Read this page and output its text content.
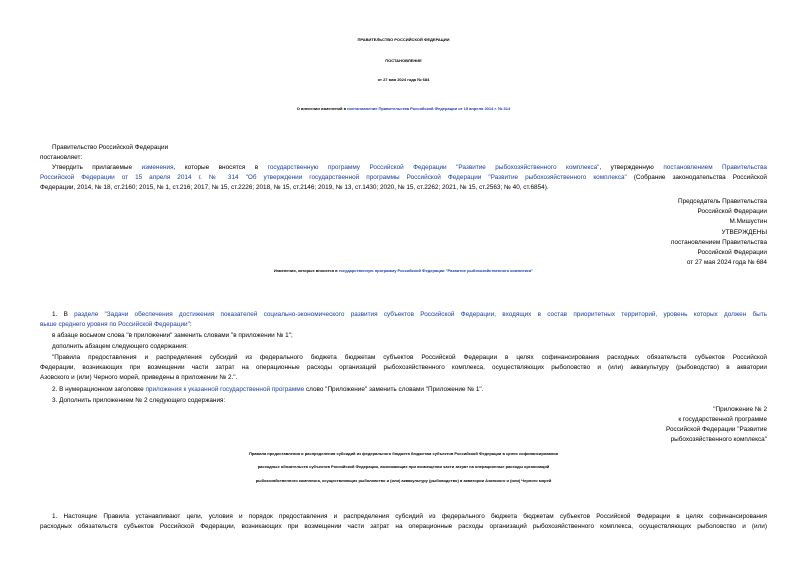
ПРАВИТЕЛЬСТВО РОССИЙСКОЙ ФЕДЕРАЦИИ
ПОСТАНОВЛЕНИЕ
от 27 мая 2024 года № 684
О внесении изменений в постановление Правительства Российской Федерации от 15 апреля 2014 г. № 314
Правительство Российской Федерации
постановляет:
Утвердить прилагаемые изменения, которые вносятся в государственную программу Российской Федерации "Развитие рыбохозяйственного комплекса", утвержденную постановлением Правительства
Российской Федерации от 15 апреля 2014 г. № 314 "Об утверждении государственной программы Российской Федерации "Развитие рыбохозяйственного комплекса" (Собрание законодательства Российской
Федерации, 2014, № 18, ст.2160; 2015, № 1, ст.216; 2017, № 15, ст.2226; 2018, № 15, ст.2146; 2019, № 13, ст.1430; 2020, № 15, ст.2262; 2021, № 15, ст.2563; № 40, ст.6854).
Председатель Правительства
Российской Федерации
М.Мишустин
УТВЕРЖДЕНЫ
постановлением Правительства
Российской Федерации
от 27 мая 2024 года № 684
Изменения, которые вносятся в государственную программу Российской Федерации "Развитие рыбохозяйственного комплекса"
1. В разделе "Задачи обеспечения достижения показателей социально-экономического развития субъектов Российской Федерации, входящих в состав приоритетных территорий, уровень которых должен быть
выше среднего уровня по Российской Федерации":
в абзаце восьмом слова "в приложении" заменить словами "в приложении № 1";
дополнить абзацем следующего содержания:
"Правила предоставления и распределения субсидий из федерального бюджета бюджетам субъектов Российской Федерации в целях софинансирования расходных обязательств субъектов Российской
Федерации, возникающих при возмещении части затрат на операционные расходы организаций рыбохозяйственного комплекса, осуществляющих рыболовство и (или) аквакультуру (рыбоводство) в акватории
Азовского и (или) Черного морей, приведены в приложении № 2.".
2. В нумерационном заголовке приложения к указанной государственной программе слово "Приложение" заменить словами "Приложение № 1".
3. Дополнить приложением № 2 следующего содержания:
"Приложение № 2
к государственной программе
Российской Федерации "Развитие
рыбохозяйственного комплекса"
Правила предоставления и распределения субсидий из федерального бюджета бюджетам субъектов Российской Федерации в целях софинансирования
расходных обязательств субъектов Российской Федерации, возникающих при возмещении части затрат на операционные расходы организаций
рыбохозяйственного комплекса, осуществляющих рыболовство и (или) аквакультуру (рыбоводство) в акватории Азовского и (или) Черного морей
1. Настоящие Правила устанавливают цели, условия и порядок предоставления и распределения субсидий из федерального бюджета бюджетам субъектов Российской Федерации в целях софинансирования
расходных обязательств субъектов Российской Федерации, возникающих при возмещении части затрат на операционные расходы организаций рыбохозяйственного комплекса, осуществляющих рыболовство и (или)
